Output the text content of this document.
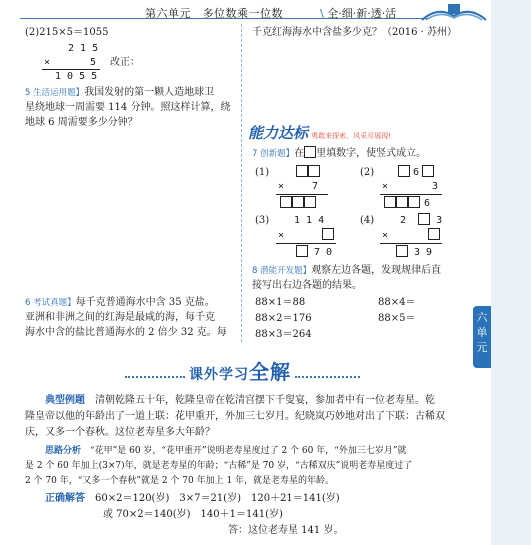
六
单
元
第六单元　多位数乘一位数	\ 全·细·新·透·活
(2)215×5＝1055
2 1 5
×	5 改正：
1 0 5 5
5 生活运用题】我国发射的第一颗人造地球卫
星绕地球一周需要 114 分钟。照这样计算，绕
地球 6 周需要多少分钟？
6 考试真题】每千克普通海水中含 35 克盐。
亚洲和非洲之间的红海是最咸的海，每千克
海水中含的盐比普通海水的 2 倍少 32 克。每
千克红海海水中含盐多少克？（2016 · 苏州）
能力达标 勇敢来探索、风采尽展现!
7 创新题】在 里填数字，使竖式成立。
(1)
×	7
(2)	6
×	3
6
(3) 1 1 4
×
7 0
(4)	2  3
×
3 9
8 潜能开发题】观察左边各题，发现规律后直
接写出右边各题的结果。
88×1＝88	88×4＝
88×2＝176	88×5＝
88×3＝264
课外学习全解
典型例题　 清朝乾隆五十年，乾隆皇帝在乾清宫摆下千叟宴，参加者中有一位老寿星。乾
隆皇帝以他的年龄出了一道上联：花甲重开，外加三七岁月。纪晓岚巧妙地对出了下联：古稀双
庆，又多一个春秋。这位老寿星多大年龄？
思路分析　 “花甲”是 60 岁，“花甲重开”说明老寿星度过了 2 个 60 年，“外加三七岁月”就
是 2 个 60 年加上(3×7)年，就是老寿星的年龄；“古稀”是 70 岁，“古稀双庆”说明老寿星度过了
2 个 70 年，“又多一个春秋”就是 2 个 70 年加上 1 年，就是老寿星的年龄。
正确解答　 60×2＝120(岁)　3×7＝21(岁)　120＋21＝141(岁)
或 70×2＝140(岁)　140＋1＝141(岁)
答：这位老寿星 141 岁。
